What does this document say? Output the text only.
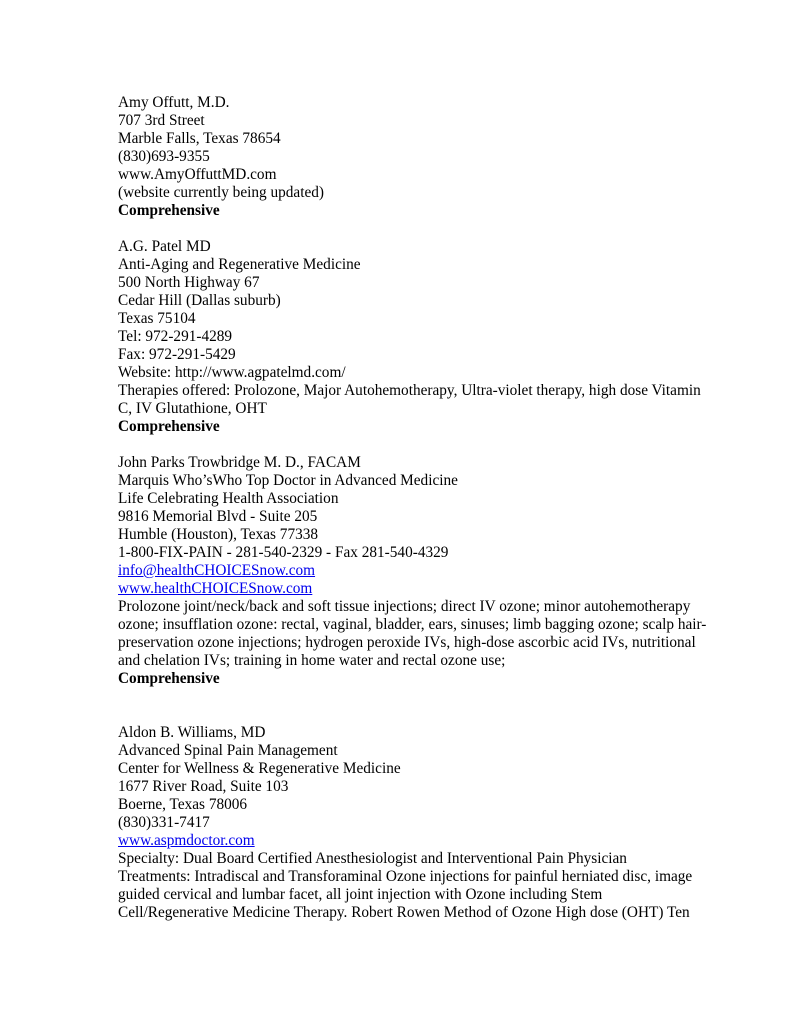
Amy Offutt, M.D.
707 3rd Street
Marble Falls, Texas 78654
(830)693-9355
www.AmyOffuttMD.com
(website currently being updated)
Comprehensive
A.G. Patel MD
Anti-Aging and Regenerative Medicine
500 North Highway 67
Cedar Hill (Dallas suburb)
Texas 75104
Tel: 972-291-4289
Fax: 972-291-5429
Website: http://www.agpatelmd.com/
Therapies offered: Prolozone, Major Autohemotherapy, Ultra-violet therapy, high dose Vitamin
C, IV Glutathione, OHT
Comprehensive
John Parks Trowbridge M. D., FACAM
Marquis Who’sWho Top Doctor in Advanced Medicine
Life Celebrating Health Association
9816 Memorial Blvd - Suite 205
Humble (Houston), Texas 77338
1-800-FIX-PAIN - 281-540-2329 - Fax 281-540-4329
info@healthCHOICESnow.com
www.healthCHOICESnow.com
Prolozone joint/neck/back and soft tissue injections; direct IV ozone; minor autohemotherapy
ozone; insufflation ozone: rectal, vaginal, bladder, ears, sinuses; limb bagging ozone; scalp hair-
preservation ozone injections; hydrogen peroxide IVs, high-dose ascorbic acid IVs, nutritional
and chelation IVs; training in home water and rectal ozone use;
Comprehensive
Aldon B. Williams, MD
Advanced Spinal Pain Management
Center for Wellness & Regenerative Medicine
1677 River Road, Suite 103
Boerne, Texas 78006
(830)331-7417
www.aspmdoctor.com
Specialty: Dual Board Certified Anesthesiologist and Interventional Pain Physician
Treatments: Intradiscal and Transforaminal Ozone injections for painful herniated disc, image
guided cervical and lumbar facet, all joint injection with Ozone including Stem
Cell/Regenerative Medicine Therapy. Robert Rowen Method of Ozone High dose (OHT) Ten
